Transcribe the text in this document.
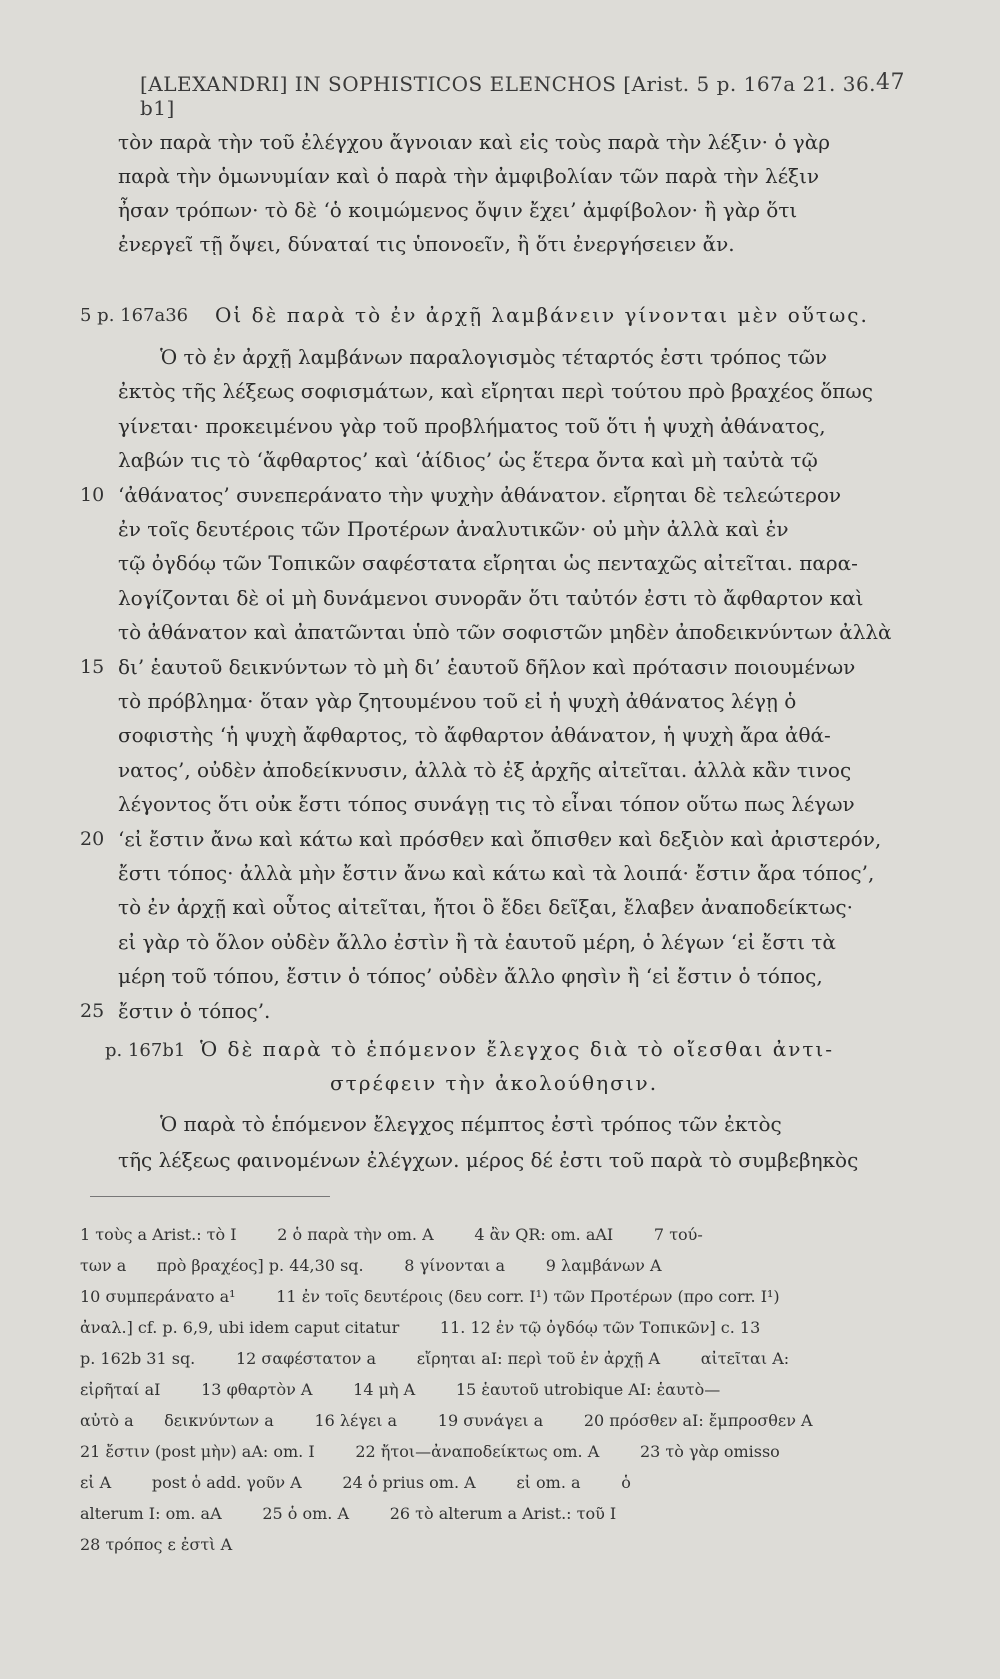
[ALEXANDRI] IN SOPHISTICOS ELENCHOS [Arist. 5 p. 167a 21. 36. b1]
47
τὸν παρὰ τὴν τοῦ ἐλέγχου ἄγνοιαν καὶ εἰς τοὺς παρὰ τὴν λέξιν· ὁ γὰρ
παρὰ τὴν ὁμωνυμίαν καὶ ὁ παρὰ τὴν ἀμφιβολίαν τῶν παρὰ τὴν λέξιν
ἦσαν τρόπων· τὸ δὲ ‘ὁ κοιμώμενος ὄψιν ἔχει’ ἀμφίβολον· ἢ γὰρ ὅτι
ἐνεργεῖ τῇ ὄψει, δύναταί τις ὑπονοεῖν, ἢ ὅτι ἐνεργήσειεν ἄν.
5 p. 167a36 Οἱ δὲ παρὰ τὸ ἐν ἀρχῇ λαμβάνειν γίνονται μὲν οὕτως.
Ὁ τὸ ἐν ἀρχῇ λαμβάνων παραλογισμὸς τέταρτός ἐστι τρόπος τῶν
ἐκτὸς τῆς λέξεως σοφισμάτων, καὶ εἴρηται περὶ τούτου πρὸ βραχέος ὅπως
γίνεται· προκειμένου γὰρ τοῦ προβλήματος τοῦ ὅτι ἡ ψυχὴ ἀθάνατος,
λαβών τις τὸ ‘ἄφθαρτος’ καὶ ‘ἀίδιος’ ὡς ἕτερα ὄντα καὶ μὴ ταὐτὰ τῷ
‘ἀθάνατος’ συνεπεράνατο τὴν ψυχὴν ἀθάνατον. εἴρηται δὲ τελεώτερον
10
ἐν τοῖς δευτέροις τῶν Προτέρων ἀναλυτικῶν· οὐ μὴν ἀλλὰ καὶ ἐν
τῷ ὀγδόῳ τῶν Τοπικῶν σαφέστατα εἴρηται ὡς πενταχῶς αἰτεῖται. παρα-
λογίζονται δὲ οἱ μὴ δυνάμενοι συνορᾶν ὅτι ταὐτόν ἐστι τὸ ἄφθαρτον καὶ
τὸ ἀθάνατον καὶ ἀπατῶνται ὑπὸ τῶν σοφιστῶν μηδὲν ἀποδεικνύντων ἀλλὰ
δι’ ἑαυτοῦ δεικνύντων τὸ μὴ δι’ ἑαυτοῦ δῆλον καὶ πρότασιν ποιουμένων
15
τὸ πρόβλημα· ὅταν γὰρ ζητουμένου τοῦ εἰ ἡ ψυχὴ ἀθάνατος λέγῃ ὁ
σοφιστὴς ‘ἡ ψυχὴ ἄφθαρτος, τὸ ἄφθαρτον ἀθάνατον, ἡ ψυχὴ ἄρα ἀθά-
νατος’, οὐδὲν ἀποδείκνυσιν, ἀλλὰ τὸ ἐξ ἀρχῆς αἰτεῖται. ἀλλὰ κἂν τινος
λέγοντος ὅτι οὐκ ἔστι τόπος συνάγῃ τις τὸ εἶναι τόπον οὕτω πως λέγων
‘εἰ ἔστιν ἄνω καὶ κάτω καὶ πρόσθεν καὶ ὄπισθεν καὶ δεξιὸν καὶ ἀριστερόν,
20
ἔστι τόπος· ἀλλὰ μὴν ἔστιν ἄνω καὶ κάτω καὶ τὰ λοιπά· ἔστιν ἄρα τόπος’,
τὸ ἐν ἀρχῇ καὶ οὗτος αἰτεῖται, ἤτοι ὃ ἔδει δεῖξαι, ἔλαβεν ἀναποδείκτως·
εἰ γὰρ τὸ ὅλον οὐδὲν ἄλλο ἐστὶν ἢ τὰ ἑαυτοῦ μέρη, ὁ λέγων ‘εἰ ἔστι τὰ
μέρη τοῦ τόπου, ἔστιν ὁ τόπος’ οὐδὲν ἄλλο φησὶν ἢ ‘εἰ ἔστιν ὁ τόπος,
ἔστιν ὁ τόπος’.
25
p. 167b1 Ὁ δὲ παρὰ τὸ ἑπόμενον ἔλεγχος διὰ τὸ οἴεσθαι ἀντι-
στρέφειν τὴν ἀκολούθησιν.
Ὁ παρὰ τὸ ἑπόμενον ἔλεγχος πέμπτος ἐστὶ τρόπος τῶν ἐκτὸς
τῆς λέξεως φαινομένων ἐλέγχων. μέρος δέ ἐστι τοῦ παρὰ τὸ συμβεβηκὸς
1 τοὺς a Arist.: τὸ I        2 ὁ παρὰ τὴν om. A        4 ἂν QR: om. aAI        7 τού-
των a      πρὸ βραχέος] p. 44,30 sq.        8 γίνονται a        9 λαμβάνων A
10 συμπεράνατο a¹        11 ἐν τοῖς δευτέροις (δευ corr. I¹) τῶν Προτέρων (προ corr. I¹)
ἀναλ.] cf. p. 6,9, ubi idem caput citatur        11. 12 ἐν τῷ ὀγδόῳ τῶν Τοπικῶν] c. 13
p. 162b 31 sq.        12 σαφέστατον a        εἴρηται aI: περὶ τοῦ ἐν ἀρχῇ A        αἰτεῖται A:
εἰρῆταί aI        13 φθαρτὸν A        14 μὴ A        15 ἑαυτοῦ utrobique AI: ἑαυτὸ—
αὐτὸ a      δεικνύντων a        16 λέγει a        19 συνάγει a        20 πρόσθεν aI: ἔμπροσθεν A
21 ἔστιν (post μὴν) aA: om. I        22 ἤτοι—ἀναποδείκτως om. A        23 τὸ γὰρ omisso
εἰ A        post ὁ add. γοῦν A        24 ὁ prius om. A        εἰ om. a        ὁ
alterum I: om. aA        25 ὁ om. A        26 τὸ alterum a Arist.: τοῦ I
28 τρόπος ε ἐστὶ A
